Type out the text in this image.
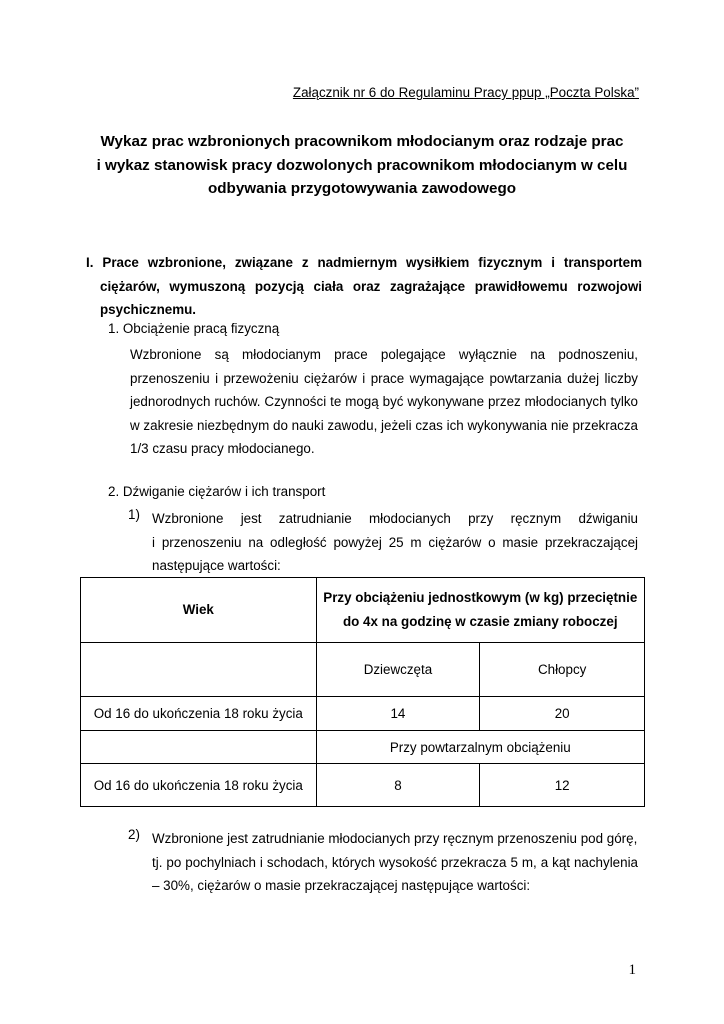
Załącznik nr 6 do Regulaminu Pracy ppup „Poczta Polska”
Wykaz prac wzbronionych pracownikom młodocianym oraz rodzaje prac
i wykaz stanowisk pracy dozwolonych pracownikom młodocianym w celu
odbywania przygotowywania zawodowego
I. Prace wzbronione, związane z nadmiernym wysiłkiem fizycznym i transportem
ciężarów, wymuszoną pozycją ciała oraz zagrażające prawidłowemu rozwojowi
psychicznemu.
1. Obciążenie pracą fizyczną
Wzbronione są młodocianym prace polegające wyłącznie na podnoszeniu,
przenoszeniu i przewożeniu ciężarów i prace wymagające powtarzania dużej liczby
jednorodnych ruchów. Czynności te mogą być wykonywane przez młodocianych tylko
w zakresie niezbędnym do nauki zawodu, jeżeli czas ich wykonywania nie przekracza
1/3 czasu pracy młodocianego.
2. Dźwiganie ciężarów i ich transport
1) Wzbronione jest zatrudnianie młodocianych przy ręcznym dźwiganiu
i przenoszeniu na odległość powyżej 25 m ciężarów o masie przekraczającej
następujące wartości:
Wiek	Przy obciążeniu jednostkowym (w kg) przeciętnie
do 4x na godzinę w czasie zmiany roboczej	

	Dziewczęta	Chłopcy
Od 16 do ukończenia 18 roku życia	14	20
	Przy powtarzalnym obciążeniu	
Od 16 do ukończenia 18 roku życia	8	12
2) Wzbronione jest zatrudnianie młodocianych przy ręcznym przenoszeniu pod górę,
tj. po pochylniach i schodach, których wysokość przekracza 5 m, a kąt nachylenia
– 30%, ciężarów o masie przekraczającej następujące wartości:
1
